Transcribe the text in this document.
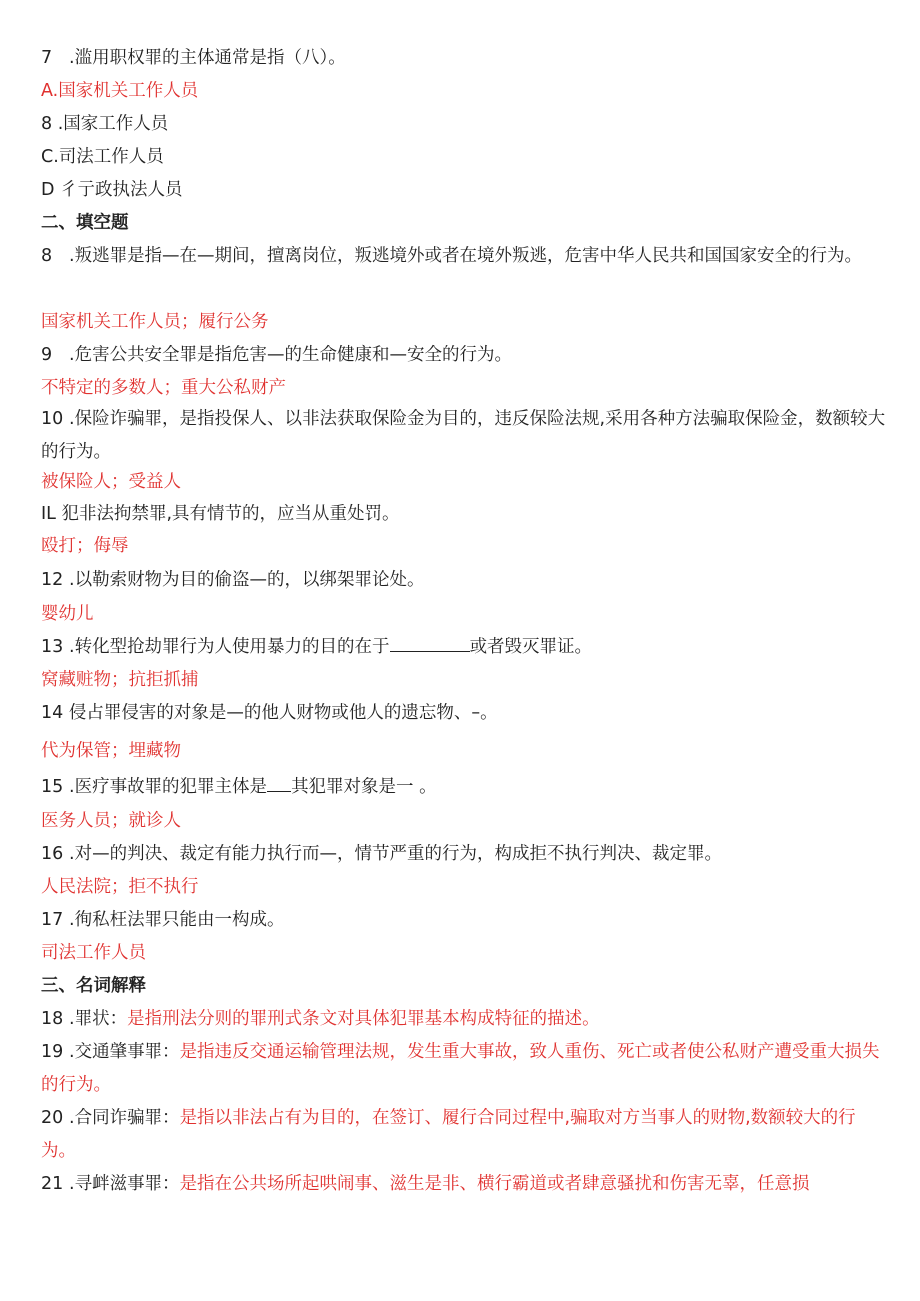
7 .滥用职权罪的主体通常是指（八）。
A.国家机关工作人员
8 .国家工作人员
C.司法工作人员
D 彳亍政执法人员
二、填空题
8 .叛逃罪是指—在—期间，擅离岗位，叛逃境外或者在境外叛逃，危害中华人民共和国国家安全的行为。
国家机关工作人员；履行公务
9 .危害公共安全罪是指危害—的生命健康和—安全的行为。
不特定的多数人；重大公私财产
10 .保险诈骗罪，是指投保人、以非法获取保险金为目的，违反保险法规,采用各种方法骗取保险金，数额较大的行为。
被保险人；受益人
IL 犯非法拘禁罪,具有情节的，应当从重处罚。
殴打；侮辱
12 .以勒索财物为目的偷盗—的，以绑架罪论处。
婴幼儿
13 .转化型抢劫罪行为人使用暴力的目的在于	或者毁灭罪证。
窝藏赃物；抗拒抓捕
14 侵占罪侵害的对象是—的他人财物或他人的遗忘物、–。
代为保管；埋藏物
15 .医疗事故罪的犯罪主体是 其犯罪对象是一 。
医务人员；就诊人
16 .对—的判决、裁定有能力执行而—，情节严重的行为，构成拒不执行判决、裁定罪。
人民法院；拒不执行
17 .徇私枉法罪只能由一构成。
司法工作人员
三、名词解释
18 .罪状：是指刑法分则的罪刑式条文对具体犯罪基本构成特征的描述。
19 .交通肇事罪：是指违反交通运输管理法规，发生重大事故，致人重伤、死亡或者使公私财产遭受重大损失的行为。
20 .合同诈骗罪：是指以非法占有为目的，在签订、履行合同过程中,骗取对方当事人的财物,数额较大的行为。
21 .寻衅滋事罪：是指在公共场所起哄闹事、滋生是非、横行霸道或者肆意骚扰和伤害无辜，任意损
